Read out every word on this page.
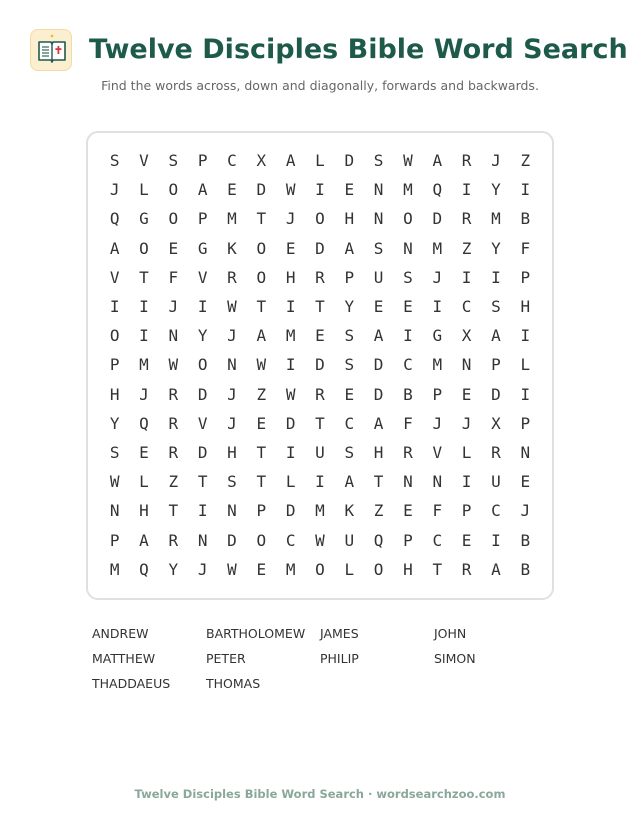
Twelve Disciples Bible Word Search
Find the words across, down and diagonally, forwards and backwards.
S	V	S	P	C	X	A	L	D	S	W	A	R	J	Z
J	L	O	A	E	D	W	I	E	N	M	Q	I	Y	I
Q	G	O	P	M	T	J	O	H	N	O	D	R	M	B
A	O	E	G	K	O	E	D	A	S	N	M	Z	Y	F
V	T	F	V	R	O	H	R	P	U	S	J	I	I	P
I	I	J	I	W	T	I	T	Y	E	E	I	C	S	H
O	I	N	Y	J	A	M	E	S	A	I	G	X	A	I
P	M	W	O	N	W	I	D	S	D	C	M	N	P	L
H	J	R	D	J	Z	W	R	E	D	B	P	E	D	I
Y	Q	R	V	J	E	D	T	C	A	F	J	J	X	P
S	E	R	D	H	T	I	U	S	H	R	V	L	R	N
W	L	Z	T	S	T	L	I	A	T	N	N	I	U	E
N	H	T	I	N	P	D	M	K	Z	E	F	P	C	J
P	A	R	N	D	O	C	W	U	Q	P	C	E	I	B
M	Q	Y	J	W	E	M	O	L	O	H	T	R	A	B
ANDREW	BARTHOLOMEW	JAMES	JOHN
MATTHEW	PETER	PHILIP	SIMON
THADDAEUS	THOMAS
Twelve Disciples Bible Word Search · wordsearchzoo.com
